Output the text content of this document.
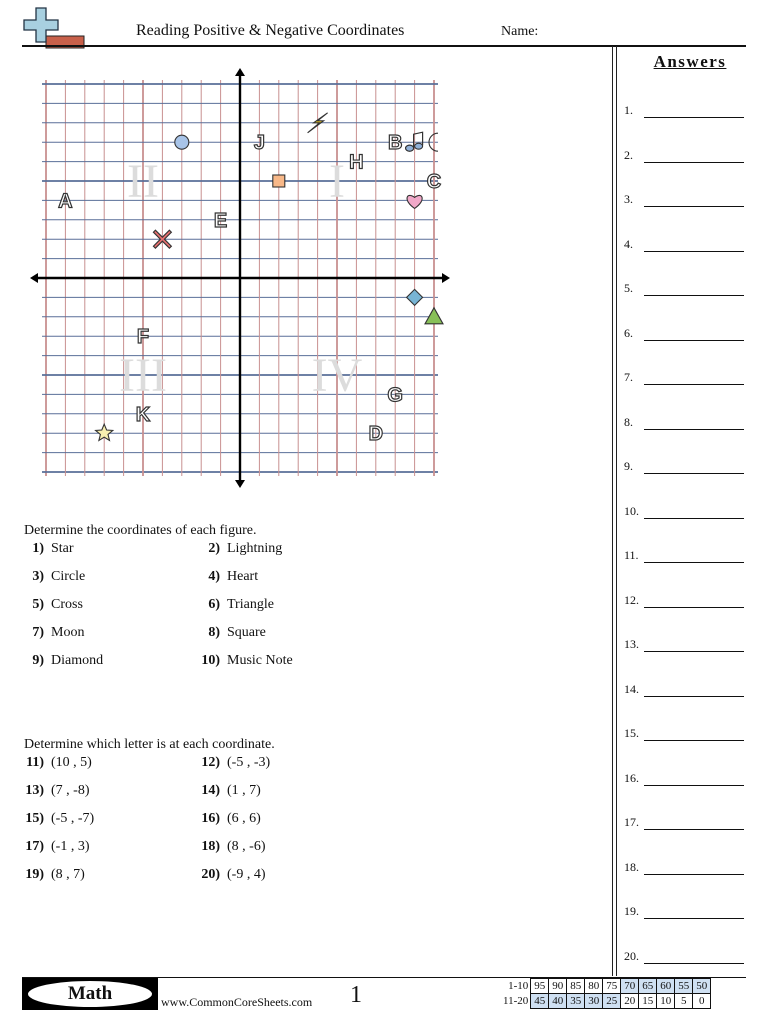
Reading Positive & Negative Coordinates	Name:
Answers
1.
2.
3.
4.
5.
6.
7.
8.
9.
10.
11.
12.
13.
14.
15.
16.
17.
18.
19.
20.
I
II
III	IV
A
B
C
D
E
F
G
H
J
K
Determine the coordinates of each figure.
1) Star	2) Lightning
3) Circle	4) Heart
5) Cross	6) Triangle
7) Moon	8) Square
9) Diamond	10) Music Note
Determine which letter is at each coordinate.
11) (10 , 5)	12) (-5 , -3)
13) (7 , -8)	14) (1 , 7)
15) (-5 , -7)	16) (6 , 6)
17) (-1 , 3)	18) (8 , -6)
19) (8 , 7)	20) (-9 , 4)
Math	www.CommonCoreSheets.com 1	1-10	95	90	85	80	75	70	65	60	55	50
11-20	45	40	35	30	25	20	15	10	5	0
